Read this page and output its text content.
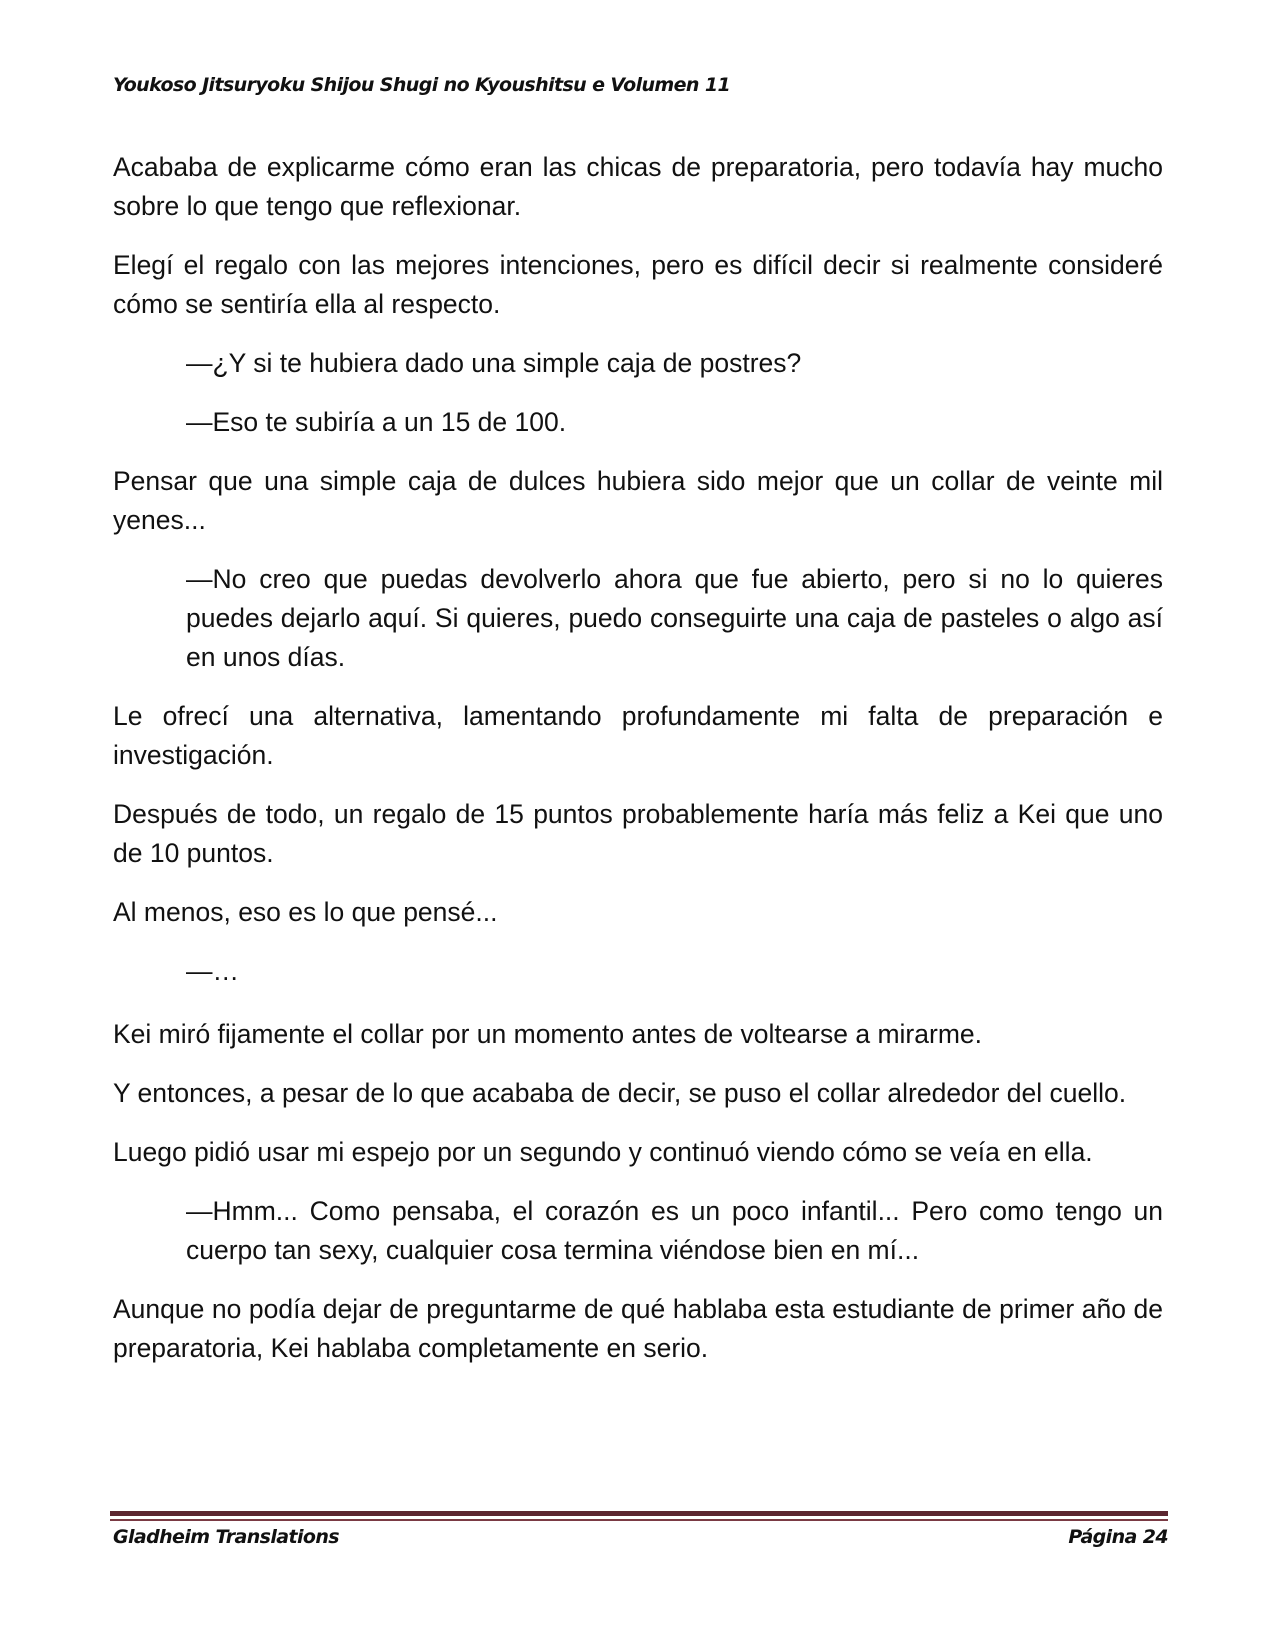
Youkoso Jitsuryoku Shijou Shugi no Kyoushitsu e Volumen 11

Acababa de explicarme cómo eran las chicas de preparatoria, pero todavía hay mucho sobre lo que tengo que reflexionar.

Elegí el regalo con las mejores intenciones, pero es difícil decir si realmente consideré cómo se sentiría ella al respecto.

—¿Y si te hubiera dado una simple caja de postres?

—Eso te subiría a un 15 de 100.

Pensar que una simple caja de dulces hubiera sido mejor que un collar de veinte mil yenes...

—No creo que puedas devolverlo ahora que fue abierto, pero si no lo quieres puedes dejarlo aquí. Si quieres, puedo conseguirte una caja de pasteles o algo así en unos días.

Le ofrecí una alternativa, lamentando profundamente mi falta de preparación e investigación.

Después de todo, un regalo de 15 puntos probablemente haría más feliz a Kei que uno de 10 puntos.

Al menos, eso es lo que pensé...

—…

Kei miró fijamente el collar por un momento antes de voltearse a mirarme.

Y entonces, a pesar de lo que acababa de decir, se puso el collar alrededor del cuello.

Luego pidió usar mi espejo por un segundo y continuó viendo cómo se veía en ella.

—Hmm... Como pensaba, el corazón es un poco infantil... Pero como tengo un cuerpo tan sexy, cualquier cosa termina viéndose bien en mí...

Aunque no podía dejar de preguntarme de qué hablaba esta estudiante de primer año de preparatoria, Kei hablaba completamente en serio.

Gladheim Translations	Página 24
